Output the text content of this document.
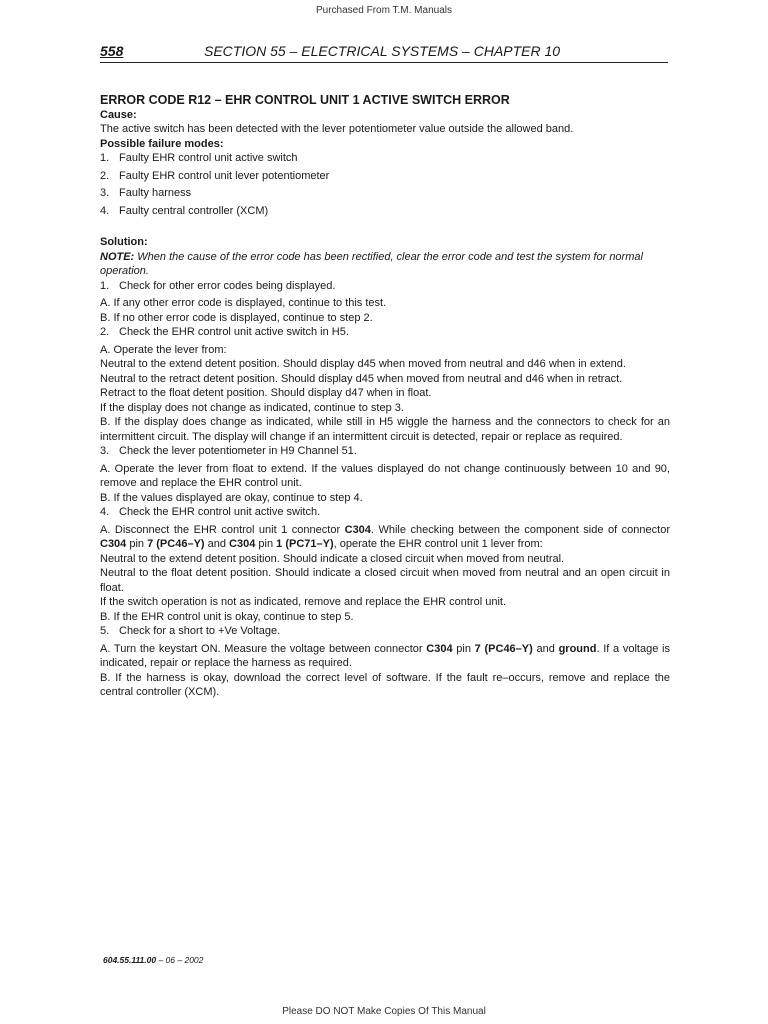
Purchased From T.M. Manuals
558	SECTION 55 – ELECTRICAL SYSTEMS – CHAPTER 10

ERROR CODE R12 – EHR CONTROL UNIT 1 ACTIVE SWITCH ERROR

Cause:

The active switch has been detected with the lever potentiometer value outside the allowed band.

Possible failure modes:

1. Faulty EHR control unit active switch
2. Faulty EHR control unit lever potentiometer
3. Faulty harness
4. Faulty central controller (XCM)

Solution:

NOTE: When the cause of the error code has been rectified, clear the error code and test the system for normal operation.

1. Check for other error codes being displayed.

A. If any other error code is displayed, continue to this test.

B. If no other error code is displayed, continue to step 2.

2. Check the EHR control unit active switch in H5.

A. Operate the lever from:

Neutral to the extend detent position. Should display d45 when moved from neutral and d46 when in extend.

Neutral to the retract detent position. Should display d45 when moved from neutral and d46 when in retract.

Retract to the float detent position. Should display d47 when in float.

If the display does not change as indicated, continue to step 3.

B. If the display does change as indicated, while still in H5 wiggle the harness and the connectors to check for an intermittent circuit. The display will change if an intermittent circuit is detected, repair or replace as required.

3. Check the lever potentiometer in H9 Channel 51.

A. Operate the lever from float to extend. If the values displayed do not change continuously between 10 and 90, remove and replace the EHR control unit.

B. If the values displayed are okay, continue to step 4.

4. Check the EHR control unit active switch.

A. Disconnect the EHR control unit 1 connector C304. While checking between the component side of connector C304 pin 7 (PC46–Y) and C304 pin 1 (PC71–Y), operate the EHR control unit 1 lever from:

Neutral to the extend detent position. Should indicate a closed circuit when moved from neutral.

Neutral to the float detent position. Should indicate a closed circuit when moved from neutral and an open circuit in float.

If the switch operation is not as indicated, remove and replace the EHR control unit.

B. If the EHR control unit is okay, continue to step 5.

5. Check for a short to +Ve Voltage.

A. Turn the keystart ON. Measure the voltage between connector C304 pin 7 (PC46–Y) and ground. If a voltage is indicated, repair or replace the harness as required.

B. If the harness is okay, download the correct level of software. If the fault re–occurs, remove and replace the central controller (XCM).

604.55.111.00 – 06 – 2002
Please DO NOT Make Copies Of This Manual
